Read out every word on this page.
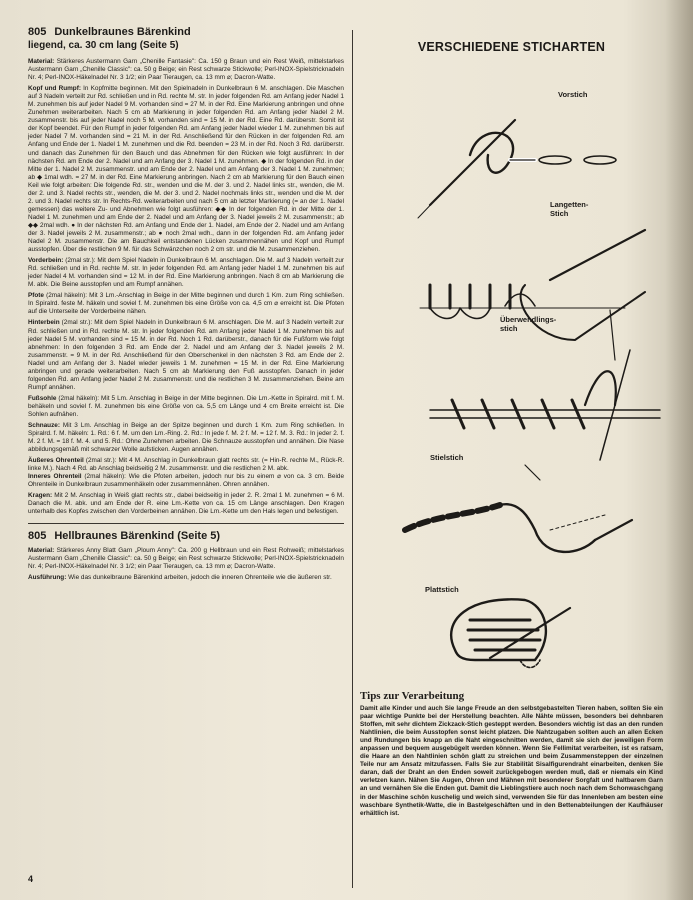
805 Dunkelbraunes Bärenkind

liegend, ca. 30 cm lang (Seite 5)

Material: Stärkeres Austermann Garn „Chenille Fantasie": Ca. 150 g Braun und ein Rest Weiß, mittelstarkes Austermann Garn „Chenille Classic": ca. 50 g Beige; ein Rest schwarze Stickwolle; Perl-INOX-Spielstricknadeln Nr. 4; Perl-INOX-Häkelnadel Nr. 3 1/2; ein Paar Tieraugen, ca. 13 mm ⌀; Dacron-Watte.

Kopf und Rumpf: In Kopfmitte beginnen. Mit den Spielnadeln in Dunkelbraun 6 M. anschlagen. Die Maschen auf 3 Nadeln verteilt zur Rd. schließen und in Rd. rechte M. str. In jeder folgenden Rd. am Anfang jeder Nadel 1 M. zunehmen bis auf jeder Nadel 9 M. vorhanden sind = 27 M. in der Rd. Eine Markierung anbringen und ohne Zunehmen weiterarbeiten. Nach 5 cm ab Markierung in jeder folgenden Rd. am Anfang jeder Nadel 2 M. zusammenstr. bis auf jeder Nadel noch 5 M. vorhanden sind = 15 M. in der Rd. Eine Rd. darüberstr. Somit ist der Kopf beendet. Für den Rumpf in jeder folgenden Rd. am Anfang jeder Nadel wieder 1 M. zunehmen bis auf jeder Nadel 7 M. vorhanden sind = 21 M. in der Rd. Anschließend für den Rücken in der folgenden Rd. am Anfang und Ende der 1. Nadel 1 M. zunehmen und die Rd. beenden = 23 M. in der Rd. Noch 3 Rd. darüberstr. und danach das Zunehmen für den Bauch und das Abnehmen für den Rücken wie folgt ausführen: In der nächsten Rd. am Ende der 2. Nadel und am Anfang der 3. Nadel 1 M. zunehmen. ◆ In der folgenden Rd. in der Mitte der 1. Nadel 2 M. zusammenstr. und am Ende der 2. Nadel und am Anfang der 3. Nadel 1 M. zunehmen; ab ◆ 1mal wdh. = 27 M. in der Rd. Eine Markierung anbringen. Nach 2 cm ab Markierung für den Bauch einen Keil wie folgt arbeiten: Die folgende Rd. str., wenden und die M. der 3. und 2. Nadel links str., wenden, die M. der 2. und 3. Nadel rechts str., wenden, die M. der 3. und 2. Nadel nochmals links str., wenden und die M. der 2. und 3. Nadel rechts str. In Rechts-Rd. weiterarbeiten und nach 5 cm ab letzter Markierung (= an der 1. Nadel gemessen) das weitere Zu- und Abnehmen wie folgt ausführen: ◆◆ In der folgenden Rd. in der Mitte der 1. Nadel 1 M. zunehmen und am Ende der 2. Nadel und am Anfang der 3. Nadel jeweils 2 M. zusammenstr.; ab ◆◆ 2mal wdh. ● In der nächsten Rd. am Anfang und Ende der 1. Nadel, am Ende der 2. Nadel und am Anfang der 3. Nadel jeweils 2 M. zusammenstr.; ab ● noch 2mal wdh., dann in der folgenden Rd. am Anfang jeder Nadel 2 M. zusammenstr. Die am Bauchkeil entstandenen Lücken zusammennähen und Kopf und Rumpf ausstopfen. Über die restlichen 9 M. für das Schwänzchen noch 2 cm str. und die M. zusammenziehen.

Vorderbein: (2mal str.): Mit dem Spiel Nadeln in Dunkelbraun 6 M. anschlagen. Die M. auf 3 Nadeln verteilt zur Rd. schließen und in Rd. rechte M. str. In jeder folgenden Rd. am Anfang jeder Nadel 1 M. zunehmen bis auf jeder Nadel 4 M. vorhanden sind = 12 M. in der Rd. Eine Markierung anbringen. Nach 8 cm ab Markierung die M. abk. Die Beine ausstopfen und am Rumpf annähen.

Pfote (2mal häkeln): Mit 3 Lm.-Anschlag in Beige in der Mitte beginnen und durch 1 Km. zum Ring schließen. In Spiralrd. feste M. häkeln und soviel f. M. zunehmen bis eine Größe von ca. 4,5 cm ⌀ erreicht ist. Die Pfoten auf die Unterseite der Vorderbeine nähen.

Hinterbein (2mal str.): Mit dem Spiel Nadeln in Dunkelbraun 6 M. anschlagen. Die M. auf 3 Nadeln verteilt zur Rd. schließen und in Rd. rechte M. str. In jeder folgenden Rd. am Anfang jeder Nadel 1 M. zunehmen bis auf jeder Nadel 5 M. vorhanden sind = 15 M. in der Rd. Noch 1 Rd. darüberstr., danach für die Fußform wie folgt abnehmen: In den folgenden 3 Rd. am Ende der 2. Nadel und am Anfang der 3. Nadel jeweils 2 M. zusammenstr. = 9 M. in der Rd. Anschließend für den Oberschenkel in den nächsten 3 Rd. am Ende der 2. Nadel und am Anfang der 3. Nadel wieder jeweils 1 M. zunehmen = 15 M. in der Rd. Eine Markierung anbringen und gerade weiterarbeiten. Nach 5 cm ab Markierung den Fuß ausstopfen. Danach in jeder folgenden Rd. am Anfang jeder Nadel 2 M. zusammenstr. und die restlichen 3 M. zusammenziehen. Beine am Rumpf annähen.

Fußsohle (2mal häkeln): Mit 5 Lm. Anschlag in Beige in der Mitte beginnen. Die Lm.-Kette in Spiralrd. mit f. M. behäkeln und soviel f. M. zunehmen bis eine Größe von ca. 5,5 cm Länge und 4 cm Breite erreicht ist. Die Sohlen aufnähen.

Schnauze: Mit 3 Lm. Anschlag in Beige an der Spitze beginnen und durch 1 Km. zum Ring schließen. In Spiralrd. f. M. häkeln: 1. Rd.: 6 f. M. um den Lm.-Ring. 2. Rd.: In jede f. M. 2 f. M. = 12 f. M. 3. Rd.: In jeder 2. f. M. 2 f. M. = 18 f. M. 4. und 5. Rd.: Ohne Zunehmen arbeiten. Die Schnauze ausstopfen und annähen. Die Nase abbildungsgemäß mit schwarzer Wolle aufsticken. Augen annähen.

Äußeres Ohrenteil (2mal str.): Mit 4 M. Anschlag in Dunkelbraun glatt rechts str. (= Hin-R. rechte M., Rück-R. linke M.). Nach 4 Rd. ab Anschlag beidseitig 2 M. zusammenstr. und die restlichen 2 M. abk.

Inneres Ohrenteil (2mal häkeln): Wie die Pfoten arbeiten, jedoch nur bis zu einem ⌀ von ca. 3 cm. Beide Ohrenteile in Dunkelbraun zusammenhäkeln oder zusammennähen. Ohren annähen.

Kragen: Mit 2 M. Anschlag in Weiß glatt rechts str., dabei beidseitig in jeder 2. R. 2mal 1 M. zunehmen = 6 M. Danach die M. abk. und am Ende der R. eine Lm.-Kette von ca. 15 cm Länge anschlagen. Den Kragen unterhalb des Kopfes zwischen den Vorderbeinen annähen. Die Lm.-Kette um den Hals legen und befestigen.

805 Hellbraunes Bärenkind (Seite 5)

Material: Stärkeres Anny Blatt Garn „Ploum Anny": Ca. 200 g Hellbraun und ein Rest Rohweiß; mittelstarkes Austermann Garn „Chenille Classic": ca. 50 g Beige; ein Rest schwarze Stickwolle; Perl-INOX-Spielstricknadeln Nr. 4; Perl-INOX-Häkelnadel Nr. 3 1/2; ein Paar Tieraugen, ca. 13 mm ⌀; Dacron-Watte.

Ausführung: Wie das dunkelbraune Bärenkind arbeiten, jedoch die inneren Ohrenteile wie die äußeren str.

4

VERSCHIEDENE STICHARTEN

Vorstich
Langetten-
Stich
Überwendlings-
stich
Stielstich
Plattstich

Tips zur Verarbeitung

Damit alle Kinder und auch Sie lange Freude an den selbstgebastelten Tieren haben, sollten Sie ein paar wichtige Punkte bei der Herstellung beachten. Alle Nähte müssen, besonders bei dehnbaren Stoffen, mit sehr dichtem Zickzack-Stich gesteppt werden. Besonders wichtig ist das an den runden Nahtlinien, die beim Ausstopfen sonst leicht platzen. Die Nahtzugaben sollten auch an allen Ecken und Rundungen bis knapp an die Naht eingeschnitten werden, damit sie sich der jeweiligen Form anpassen und bequem ausgebügelt werden können. Wenn Sie Fellimitat verarbeiten, ist es ratsam, die Haare an den Nahtlinien schön glatt zu streichen und beim Zusammensteppen der einzelnen Teile nur am Ansatz mitzufassen. Falls Sie zur Stabilität Sisalfigurendraht einarbeiten, denken Sie daran, daß der Draht an den Enden soweit zurückgebogen werden muß, daß er niemals ein Kind verletzen kann. Nähen Sie Augen, Ohren und Mähnen mit besonderer Sorgfalt und haltbarem Garn an und vernähen Sie die Enden gut. Damit die Lieblingstiere auch noch nach dem Schonwaschgang in der Maschine schön kuschelig und weich sind, verwenden Sie für das Innenleben am besten eine waschbare Synthetik-Watte, die in Bastelgeschäften und in den Bettenabteilungen der Kaufhäuser erhältlich ist.
